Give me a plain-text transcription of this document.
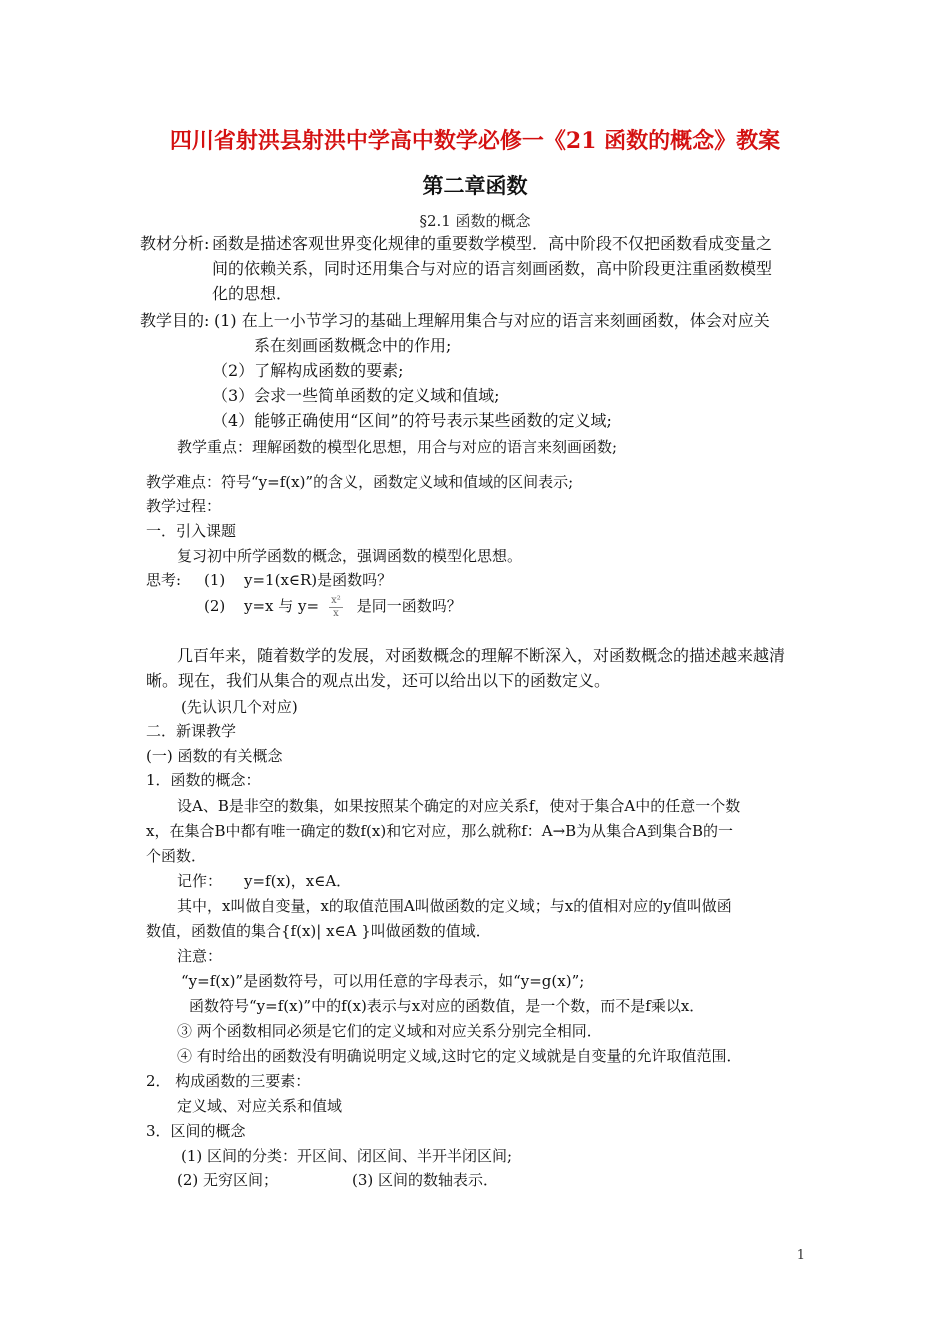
四川省射洪县射洪中学高中数学必修一《21 函数的概念》教案
第二章函数
§2.1 函数的概念
教材分析: 函数是描述客观世界变化规律的重要数学模型．高中阶段不仅把函数看成变量之
间的依赖关系，同时还用集合与对应的语言刻画函数，高中阶段更注重函数模型
化的思想．
教学目的: (1) 在上一小节学习的基础上理解用集合与对应的语言来刻画函数，体会对应关
系在刻画函数概念中的作用;
（2）了解构成函数的要素;
（3）会求一些简单函数的定义域和值域;
（4）能够正确使用“区间”的符号表示某些函数的定义域;
教学重点：理解函数的模型化思想，用合与对应的语言来刻画函数;
教学难点：符号“y=f(x)”的含义，函数定义域和值域的区间表示;
教学过程：
一．引入课题
复习初中所学函数的概念，强调函数的模型化思想。
思考: (1) y=1(x∈R)是函数吗？
(2) y=x 与 $y= \frac{\text{x²}}{x}$ 是同一函数吗？
几百年来，随着数学的发展，对函数概念的理解不断深入，对函数概念的描述越来越清
晰。现在，我们从集合的观点出发，还可以给出以下的函数定义。
(先认识几个对应)
二．新课教学
(一) 函数的有关概念
1．函数的概念：
设A、B是非空的数集，如果按照某个确定的对应关系f，使对于集合A中的任意一个数
x，在集合B中都有唯一确定的数f(x)和它对应，那么就称f：A→B为从集合A到集合B的一
个函数．
记作： y=f(x)，x∈A．
其中，x叫做自变量，x的取值范围A叫做函数的定义域；与x的值相对应的y值叫做函
数值，函数值的集合{f(x)| x∈A }叫做函数的值域．
注意：
“y=f(x)”是函数符号，可以用任意的字母表示，如“y=g(x)”;
函数符号“y=f(x)”中的f(x)表示与x对应的函数值，是一个数，而不是f乘以x．
③ 两个函数相同必须是它们的定义域和对应关系分别完全相同．
④ 有时给出的函数没有明确说明定义域,这时它的定义域就是自变量的允许取值范围．
2． 构成函数的三要素：
定义域、对应关系和值域
3．区间的概念
(1) 区间的分类：开区间、闭区间、半开半闭区间;
(2) 无穷区间；	(3) 区间的数轴表示．
1
